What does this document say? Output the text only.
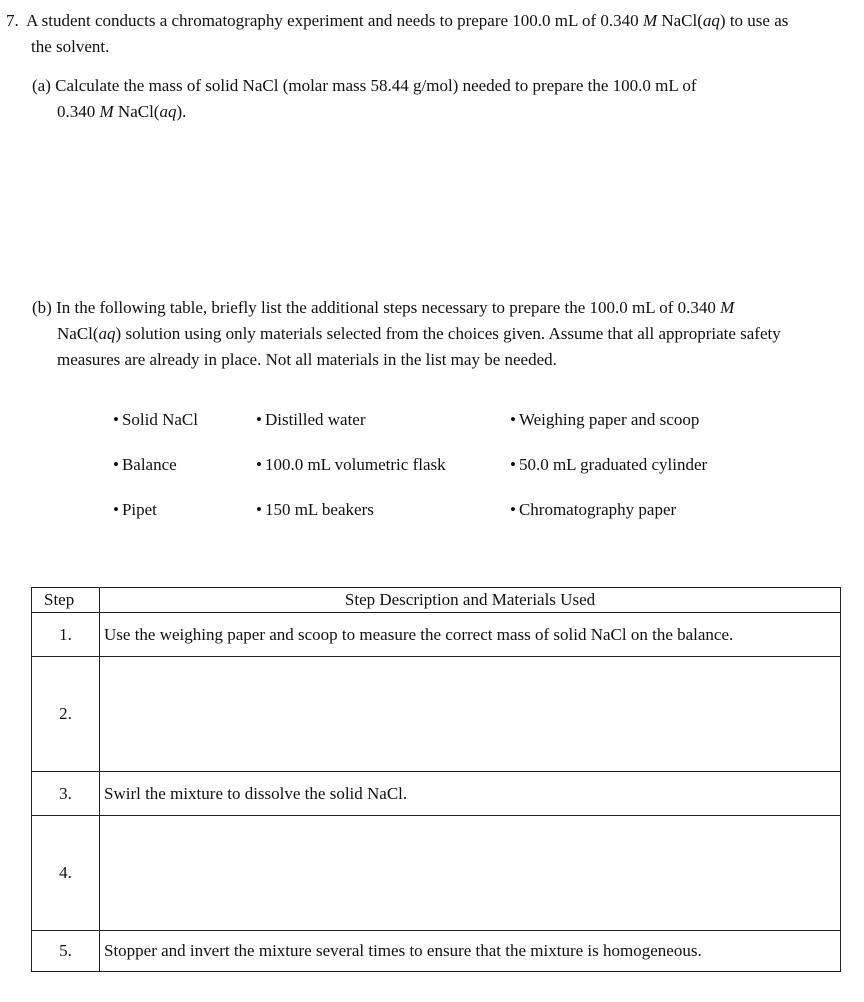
7. A student conducts a chromatography experiment and needs to prepare 100.0 mL of 0.340 M NaCl(aq) to use as
the solvent.
(a) Calculate the mass of solid NaCl (molar mass 58.44 g/mol) needed to prepare the 100.0 mL of
0.340 M NaCl(aq).
(b) In the following table, briefly list the additional steps necessary to prepare the 100.0 mL of 0.340 M
NaCl(aq) solution using only materials selected from the choices given. Assume that all appropriate safety
measures are already in place. Not all materials in the list may be needed.
• Solid NaCl	• Distilled water	• Weighing paper and scoop
• Balance	• 100.0 mL volumetric flask	• 50.0 mL graduated cylinder
• Pipet	• 150 mL beakers	• Chromatography paper
Step	Step Description and Materials Used
1.	Use the weighing paper and scoop to measure the correct mass of solid NaCl on the balance.
2.	
3.	Swirl the mixture to dissolve the solid NaCl.
4.	
5.	Stopper and invert the mixture several times to ensure that the mixture is homogeneous.
